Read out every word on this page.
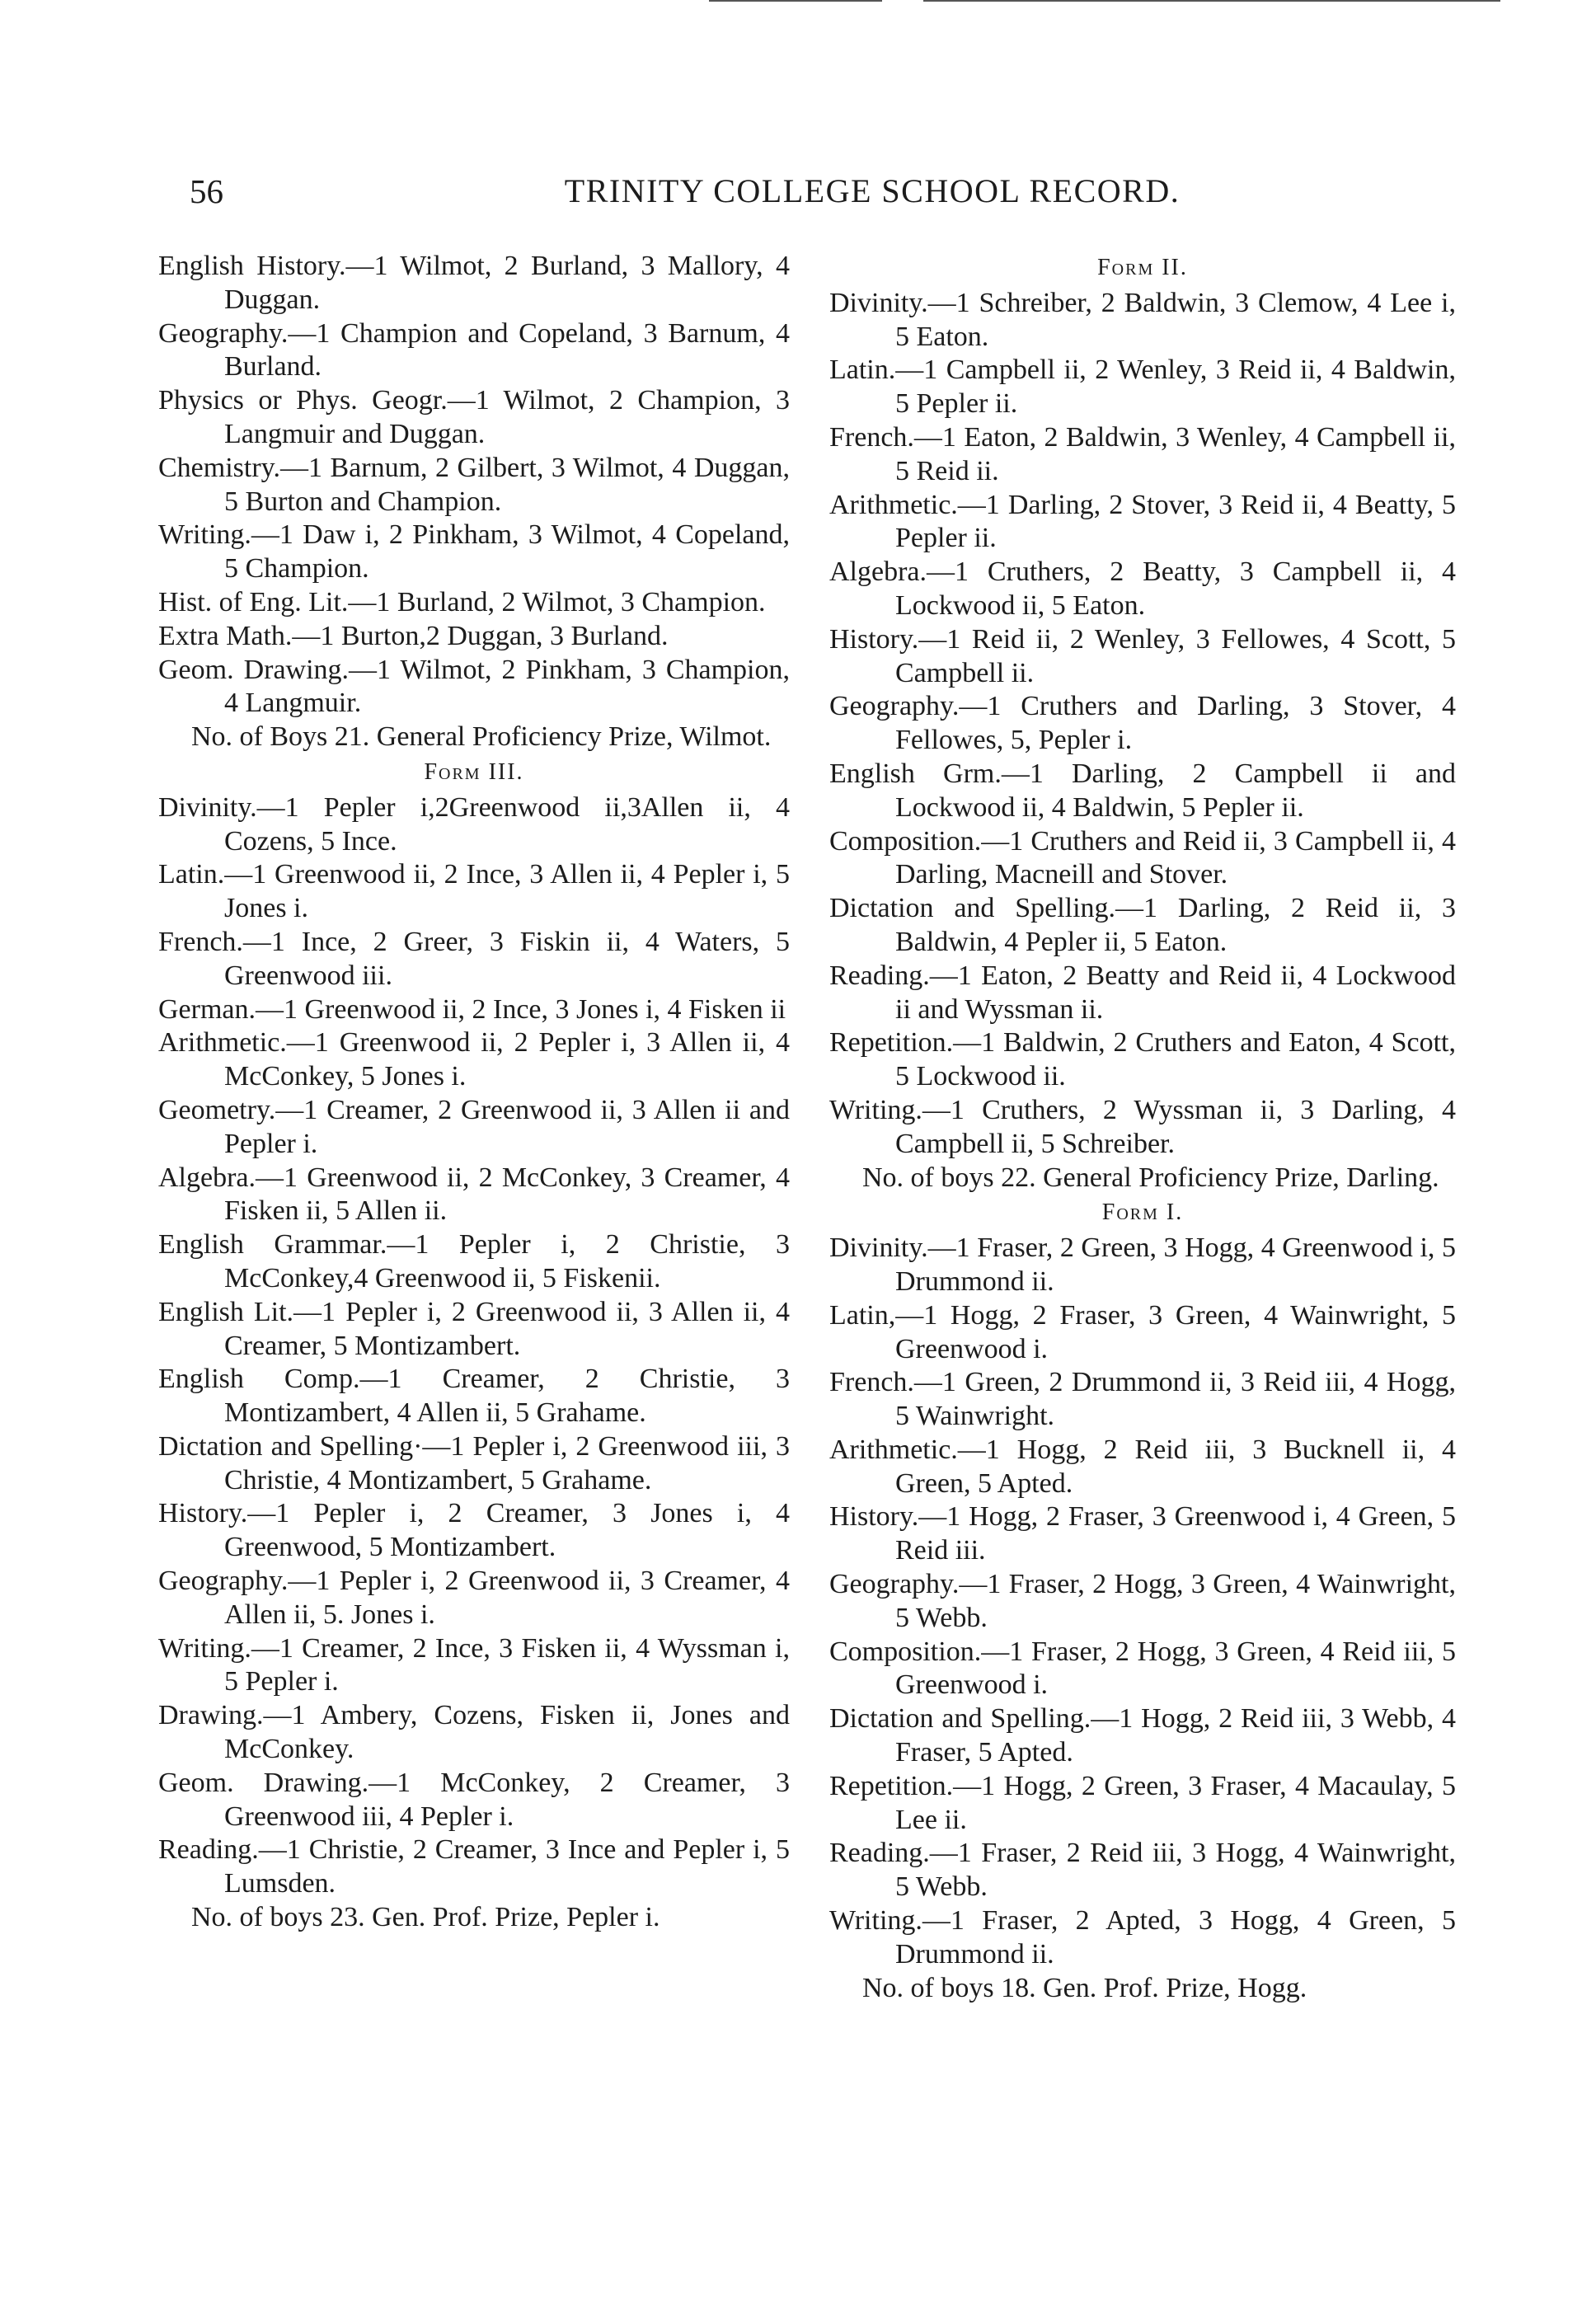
56	TRINITY COLLEGE SCHOOL RECORD.

English History.—1 Wilmot, 2 Burland, 3 Mallory, 4 Duggan.

Geography.—1 Champion and Copeland, 3 Barnum, 4 Burland.

Physics or Phys. Geogr.—1 Wilmot, 2 Champion, 3 Langmuir and Duggan.

Chemistry.—1 Barnum, 2 Gilbert, 3 Wilmot, 4 Duggan, 5 Burton and Champion.

Writing.—1 Daw i, 2 Pinkham, 3 Wilmot, 4 Copeland, 5 Champion.

Hist. of Eng. Lit.—1 Burland, 2 Wilmot, 3 Champion.

Extra Math.—1 Burton,2 Duggan, 3 Burland.

Geom. Drawing.—1 Wilmot, 2 Pinkham, 3 Champion, 4 Langmuir.

No. of Boys 21. General Proficiency Prize, Wilmot.

Form III.

Divinity.—1 Pepler i,2Greenwood ii,3Allen ii, 4 Cozens, 5 Ince.

Latin.—1 Greenwood ii, 2 Ince, 3 Allen ii, 4 Pepler i, 5 Jones i.

French.—1 Ince, 2 Greer, 3 Fiskin ii, 4 Waters, 5 Greenwood iii.

German.—1 Greenwood ii, 2 Ince, 3 Jones i, 4 Fisken ii

Arithmetic.—1 Greenwood ii, 2 Pepler i, 3 Allen ii, 4 McConkey, 5 Jones i.

Geometry.—1 Creamer, 2 Greenwood ii, 3 Allen ii and Pepler i.

Algebra.—1 Greenwood ii, 2 McConkey, 3 Creamer, 4 Fisken ii, 5 Allen ii.

English Grammar.—1 Pepler i, 2 Christie, 3 McConkey,4 Greenwood ii, 5 Fiskenii.

English Lit.—1 Pepler i, 2 Greenwood ii, 3 Allen ii, 4 Creamer, 5 Montizambert.

English Comp.—1 Creamer, 2 Christie, 3 Montizambert, 4 Allen ii, 5 Grahame.

Dictation and Spelling·—1 Pepler i, 2 Greenwood iii, 3 Christie, 4 Montizambert, 5 Grahame.

History.—1 Pepler i, 2 Creamer, 3 Jones i, 4 Greenwood, 5 Montizambert.

Geography.—1 Pepler i, 2 Greenwood ii, 3 Creamer, 4 Allen ii, 5. Jones i.

Writing.—1 Creamer, 2 Ince, 3 Fisken ii, 4 Wyssman i, 5 Pepler i.

Drawing.—1 Ambery, Cozens, Fisken ii, Jones and McConkey.

Geom. Drawing.—1 McConkey, 2 Creamer, 3 Greenwood iii, 4 Pepler i.

Reading.—1 Christie, 2 Creamer, 3 Ince and Pepler i, 5 Lumsden.

No. of boys 23. Gen. Prof. Prize, Pepler i.

Form II.

Divinity.—1 Schreiber, 2 Baldwin, 3 Clemow, 4 Lee i, 5 Eaton.

Latin.—1 Campbell ii, 2 Wenley, 3 Reid ii, 4 Baldwin, 5 Pepler ii.

French.—1 Eaton, 2 Baldwin, 3 Wenley, 4 Campbell ii, 5 Reid ii.

Arithmetic.—1 Darling, 2 Stover, 3 Reid ii, 4 Beatty, 5 Pepler ii.

Algebra.—1 Cruthers, 2 Beatty, 3 Campbell ii, 4 Lockwood ii, 5 Eaton.

History.—1 Reid ii, 2 Wenley, 3 Fellowes, 4 Scott, 5 Campbell ii.

Geography.—1 Cruthers and Darling, 3 Stover, 4 Fellowes, 5, Pepler i.

English Grm.—1 Darling, 2 Campbell ii and Lockwood ii, 4 Baldwin, 5 Pepler ii.

Composition.—1 Cruthers and Reid ii, 3 Campbell ii, 4 Darling, Macneill and Stover.

Dictation and Spelling.—1 Darling, 2 Reid ii, 3 Baldwin, 4 Pepler ii, 5 Eaton.

Reading.—1 Eaton, 2 Beatty and Reid ii, 4 Lockwood ii and Wyssman ii.

Repetition.—1 Baldwin, 2 Cruthers and Eaton, 4 Scott, 5 Lockwood ii.

Writing.—1 Cruthers, 2 Wyssman ii, 3 Darling, 4 Campbell ii, 5 Schreiber.

No. of boys 22. General Proficiency Prize, Darling.

Form I.

Divinity.—1 Fraser, 2 Green, 3 Hogg, 4 Greenwood i, 5 Drummond ii.

Latin,—1 Hogg, 2 Fraser, 3 Green, 4 Wainwright, 5 Greenwood i.

French.—1 Green, 2 Drummond ii, 3 Reid iii, 4 Hogg, 5 Wainwright.

Arithmetic.—1 Hogg, 2 Reid iii, 3 Bucknell ii, 4 Green, 5 Apted.

History.—1 Hogg, 2 Fraser, 3 Greenwood i, 4 Green, 5 Reid iii.

Geography.—1 Fraser, 2 Hogg, 3 Green, 4 Wainwright, 5 Webb.

Composition.—1 Fraser, 2 Hogg, 3 Green, 4 Reid iii, 5 Greenwood i.

Dictation and Spelling.—1 Hogg, 2 Reid iii, 3 Webb, 4 Fraser, 5 Apted.

Repetition.—1 Hogg, 2 Green, 3 Fraser, 4 Macaulay, 5 Lee ii.

Reading.—1 Fraser, 2 Reid iii, 3 Hogg, 4 Wainwright, 5 Webb.

Writing.—1 Fraser, 2 Apted, 3 Hogg, 4 Green, 5 Drummond ii.

No. of boys 18. Gen. Prof. Prize, Hogg.
